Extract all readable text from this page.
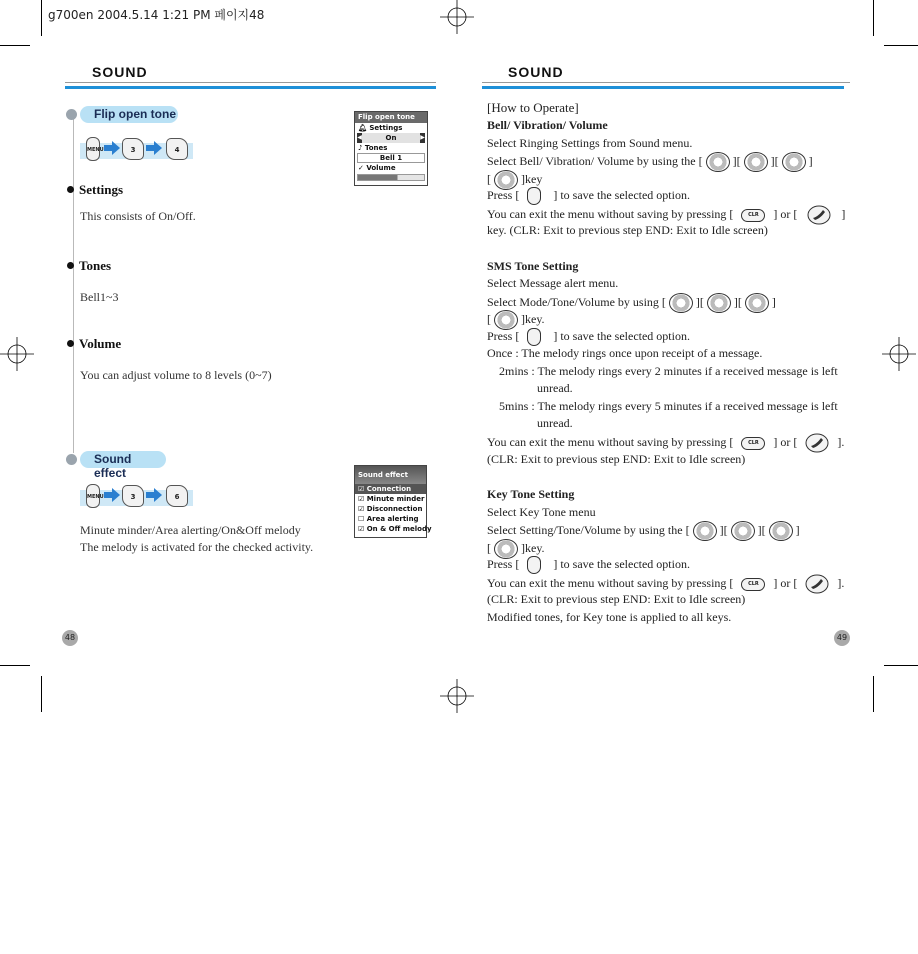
g700en 2004.5.14 1:21 PM 페이지48
SOUND
Flip open tone
MENU	3	4
Settings
This consists of On/Off.
Tones
Bell1~3
Volume
You can adjust volume to 8 levels (0~7)
Sound effect
MENU	3	6
Minute minder/Area alerting/On&Off melody
The melody is activated for the checked activity.
Flip open tone
🔔︎ Settings
◀	On	▶
♪ Tones
Bell 1
✓ Volume
Sound effect
☑ Connection
☑ Minute minder
☑ Disconnection
☐ Area alerting
☑ On & Off melody
48
SOUND
[How to Operate]
Bell/ Vibration/ Volume
Select Ringing Settings from Sound menu.
Select Bell/ Vibration/ Volume by using the [	][	][	]
[	]key
Press [	] to save the selected option.
You can exit the menu without saving by pressing [	CLR ] or [	]
key. (CLR: Exit to previous step END: Exit to Idle screen)
SMS Tone Setting
Select Message alert menu.
Select Mode/Tone/Volume by using [	][	][	]
[	]key.
Press [	] to save the selected option.
Once : The melody rings once upon receipt of a message.
2mins : The melody rings every 2 minutes if a received message is left
unread.
5mins : The melody rings every 5 minutes if a received message is left
unread.
You can exit the menu without saving by pressing [	CLR ] or [	].
(CLR: Exit to previous step END: Exit to Idle screen)
Key Tone Setting
Select Key Tone menu
Select Setting/Tone/Volume by using the [	][	][	]
[	]key.
Press [	] to save the selected option.
You can exit the menu without saving by pressing [	CLR ] or [	].
(CLR: Exit to previous step END: Exit to Idle screen)
Modified tones, for Key tone is applied to all keys.
49
